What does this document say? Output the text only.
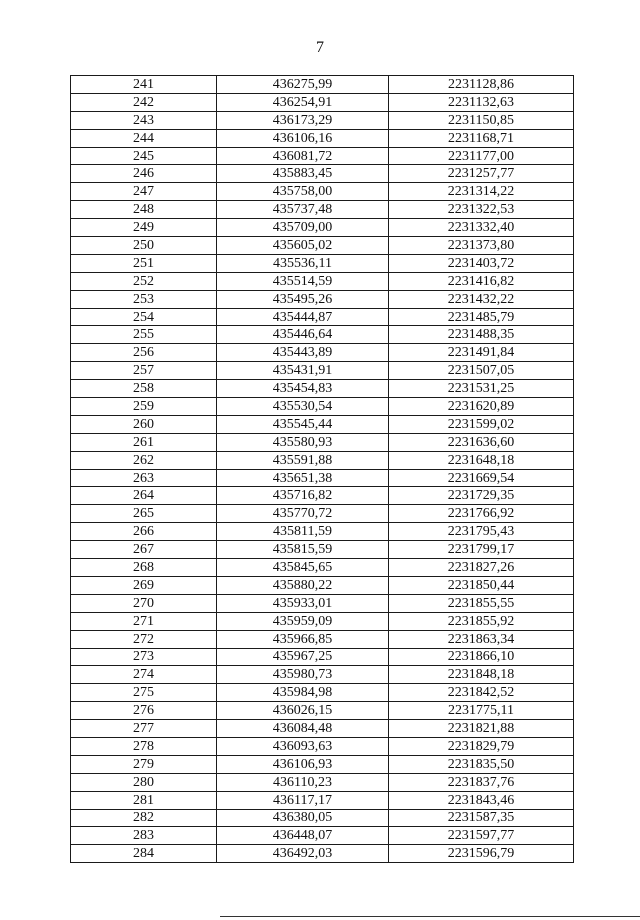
7
241	436275,99	2231128,86
242	436254,91	2231132,63
243	436173,29	2231150,85
244	436106,16	2231168,71
245	436081,72	2231177,00
246	435883,45	2231257,77
247	435758,00	2231314,22
248	435737,48	2231322,53
249	435709,00	2231332,40
250	435605,02	2231373,80
251	435536,11	2231403,72
252	435514,59	2231416,82
253	435495,26	2231432,22
254	435444,87	2231485,79
255	435446,64	2231488,35
256	435443,89	2231491,84
257	435431,91	2231507,05
258	435454,83	2231531,25
259	435530,54	2231620,89
260	435545,44	2231599,02
261	435580,93	2231636,60
262	435591,88	2231648,18
263	435651,38	2231669,54
264	435716,82	2231729,35
265	435770,72	2231766,92
266	435811,59	2231795,43
267	435815,59	2231799,17
268	435845,65	2231827,26
269	435880,22	2231850,44
270	435933,01	2231855,55
271	435959,09	2231855,92
272	435966,85	2231863,34
273	435967,25	2231866,10
274	435980,73	2231848,18
275	435984,98	2231842,52
276	436026,15	2231775,11
277	436084,48	2231821,88
278	436093,63	2231829,79
279	436106,93	2231835,50
280	436110,23	2231837,76
281	436117,17	2231843,46
282	436380,05	2231587,35
283	436448,07	2231597,77
284	436492,03	2231596,79
